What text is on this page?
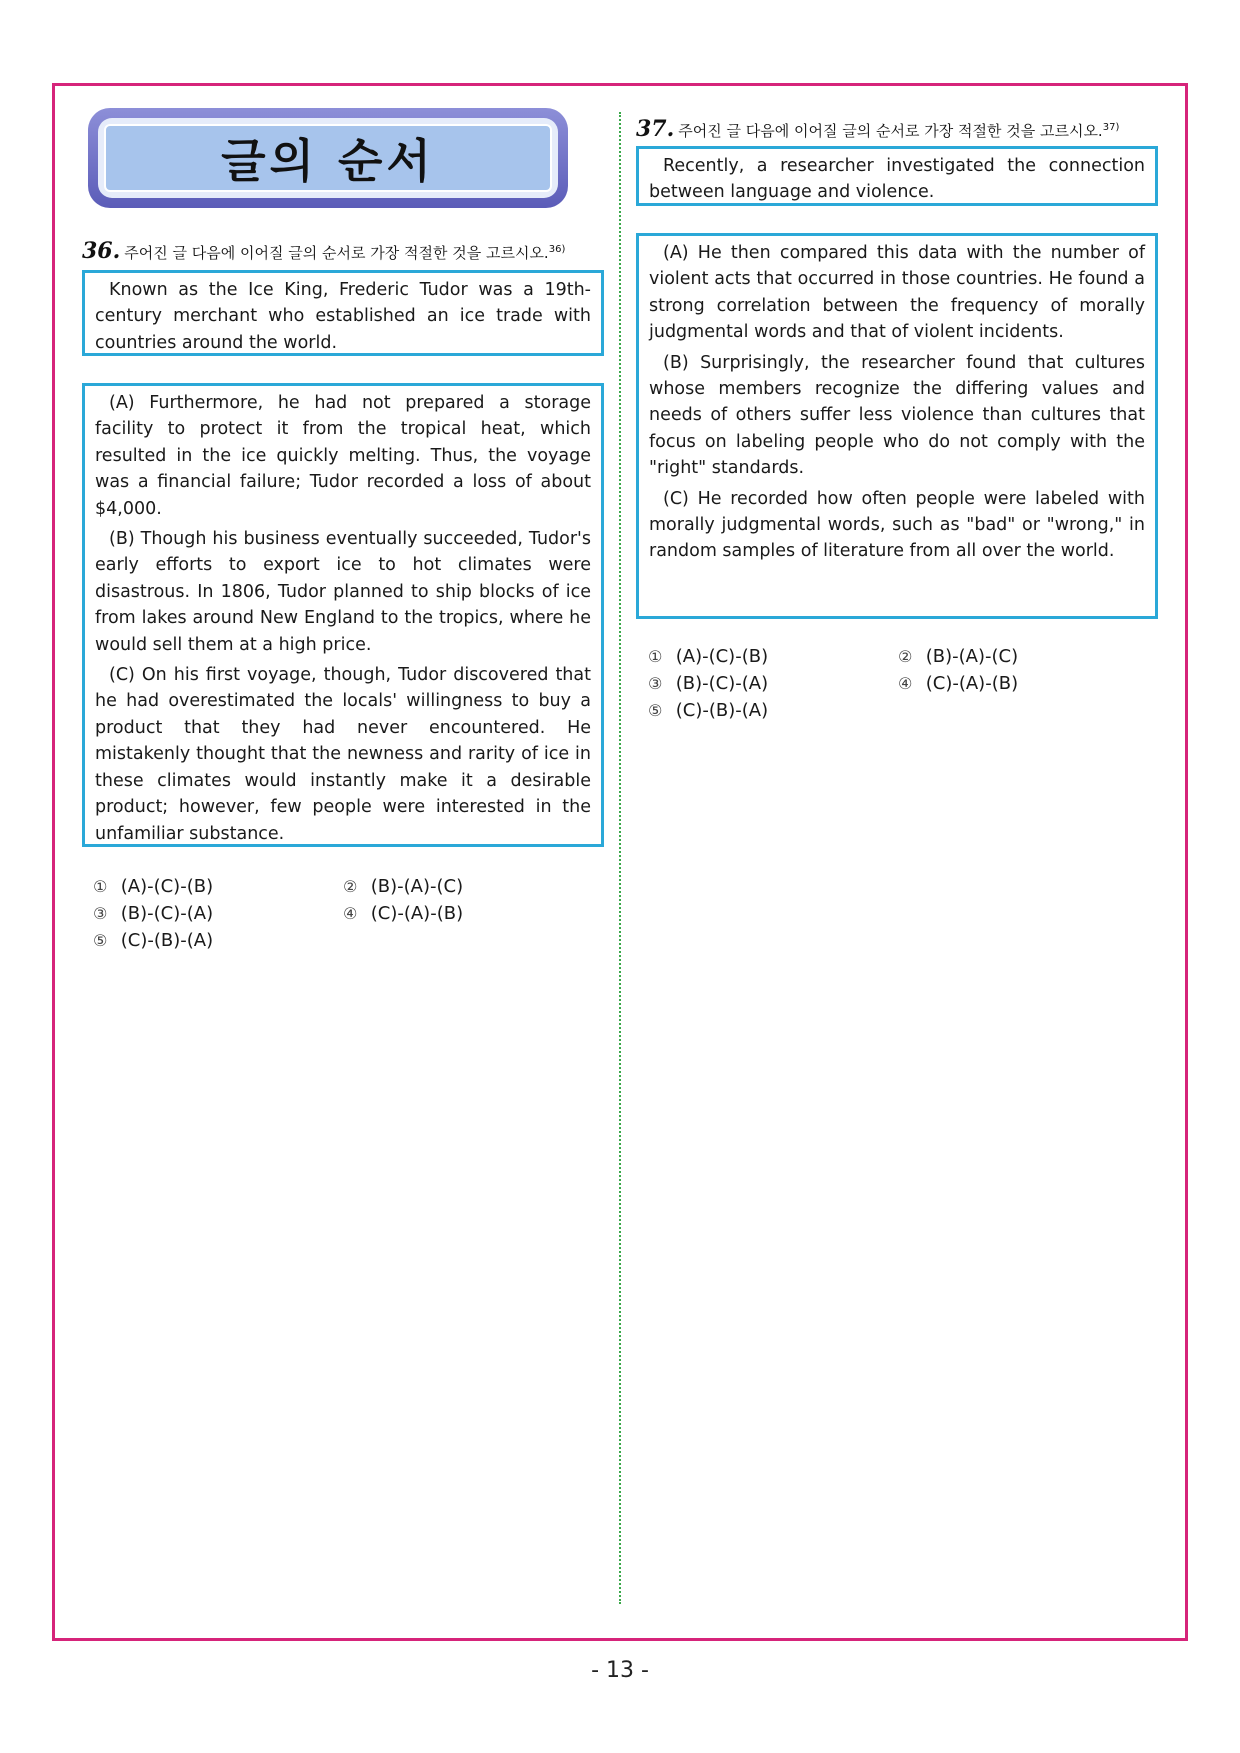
글의 순서
36. 주어진 글 다음에 이어질 글의 순서로 가장 적절한 것을 고르시오.$^{36)}$
Known as the Ice King, Frederic Tudor was a 19th-century merchant who established an ice trade with countries around the world.

(A) Furthermore, he had not prepared a storage facility to protect it from the tropical heat, which resulted in the ice quickly melting. Thus, the voyage was a financial failure; Tudor recorded a loss of about $4,000.

(B) Though his business eventually succeeded, Tudor's early efforts to export ice to hot climates were disastrous. In 1806, Tudor planned to ship blocks of ice from lakes around New England to the tropics, where he would sell them at a high price.

(C) On his first voyage, though, Tudor discovered that he had overestimated the locals' willingness to buy a product that they had never encountered. He mistakenly thought that the newness and rarity of ice in these climates would instantly make it a desirable product; however, few people were interested in the unfamiliar substance.

① (A)-(C)-(B)	② (B)-(A)-(C)
③ (B)-(C)-(A)	④ (C)-(A)-(B)
⑤ (C)-(B)-(A)
37. 주어진 글 다음에 이어질 글의 순서로 가장 적절한 것을 고르시오.$^{37)}$
Recently, a researcher investigated the connection between language and violence.

(A) He then compared this data with the number of violent acts that occurred in those countries. He found a strong correlation between the frequency of morally judgmental words and that of violent incidents.

(B) Surprisingly, the researcher found that cultures whose members recognize the differing values and needs of others suffer less violence than cultures that focus on labeling people who do not comply with the "right" standards.

(C) He recorded how often people were labeled with morally judgmental words, such as "bad" or "wrong," in random samples of literature from all over the world.

① (A)-(C)-(B)	② (B)-(A)-(C)
③ (B)-(C)-(A)	④ (C)-(A)-(B)
⑤ (C)-(B)-(A)
- 13 -
